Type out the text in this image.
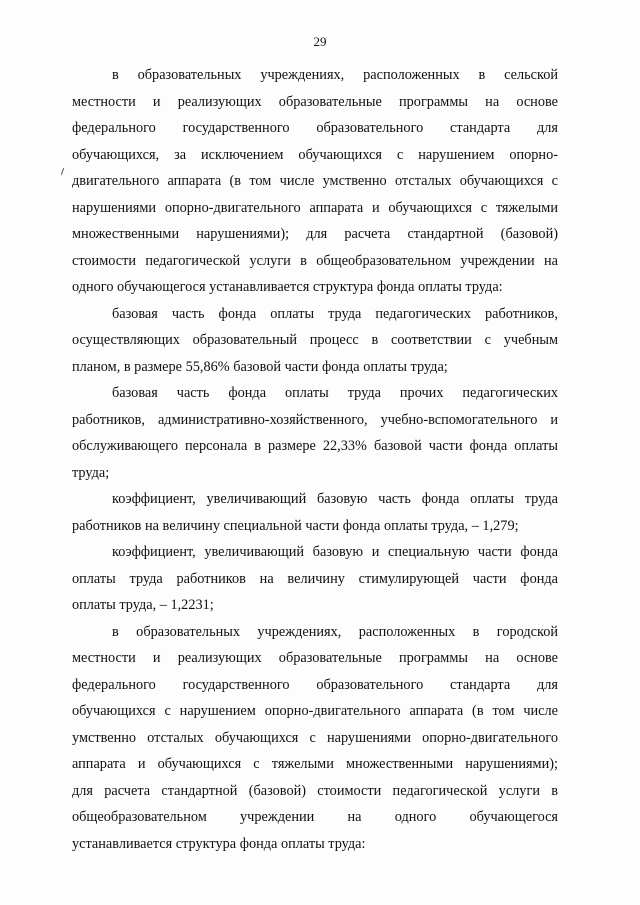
29
в образовательных учреждениях, расположенных в сельской
местности и реализующих образовательные программы на основе
федерального государственного образовательного стандарта для
обучающихся, за исключением обучающихся с нарушением опорно-
двигательного аппарата (в том числе умственно отсталых обучающихся с
нарушениями опорно-двигательного аппарата и обучающихся с тяжелыми
множественными нарушениями); для расчета стандартной (базовой)
стоимости педагогической услуги в общеобразовательном учреждении на
одного обучающегося устанавливается структура фонда оплаты труда:
базовая часть фонда оплаты труда педагогических работников,
осуществляющих образовательный процесс в соответствии с учебным
планом, в размере 55,86% базовой части фонда оплаты труда;
базовая часть фонда оплаты труда прочих педагогических
работников, административно-хозяйственного, учебно-вспомогательного и
обслуживающего персонала в размере 22,33% базовой части фонда оплаты
труда;
коэффициент, увеличивающий базовую часть фонда оплаты труда
работников на величину специальной части фонда оплаты труда, – 1,279;
коэффициент, увеличивающий базовую и специальную части фонда
оплаты труда работников на величину стимулирующей части фонда
оплаты труда, – 1,2231;
в образовательных учреждениях, расположенных в городской
местности и реализующих образовательные программы на основе
федерального государственного образовательного стандарта для
обучающихся с нарушением опорно-двигательного аппарата (в том числе
умственно отсталых обучающихся с нарушениями опорно-двигательного
аппарата и обучающихся с тяжелыми множественными нарушениями);
для расчета стандартной (базовой) стоимости педагогической услуги в
общеобразовательном учреждении на одного обучающегося
устанавливается структура фонда оплаты труда:
